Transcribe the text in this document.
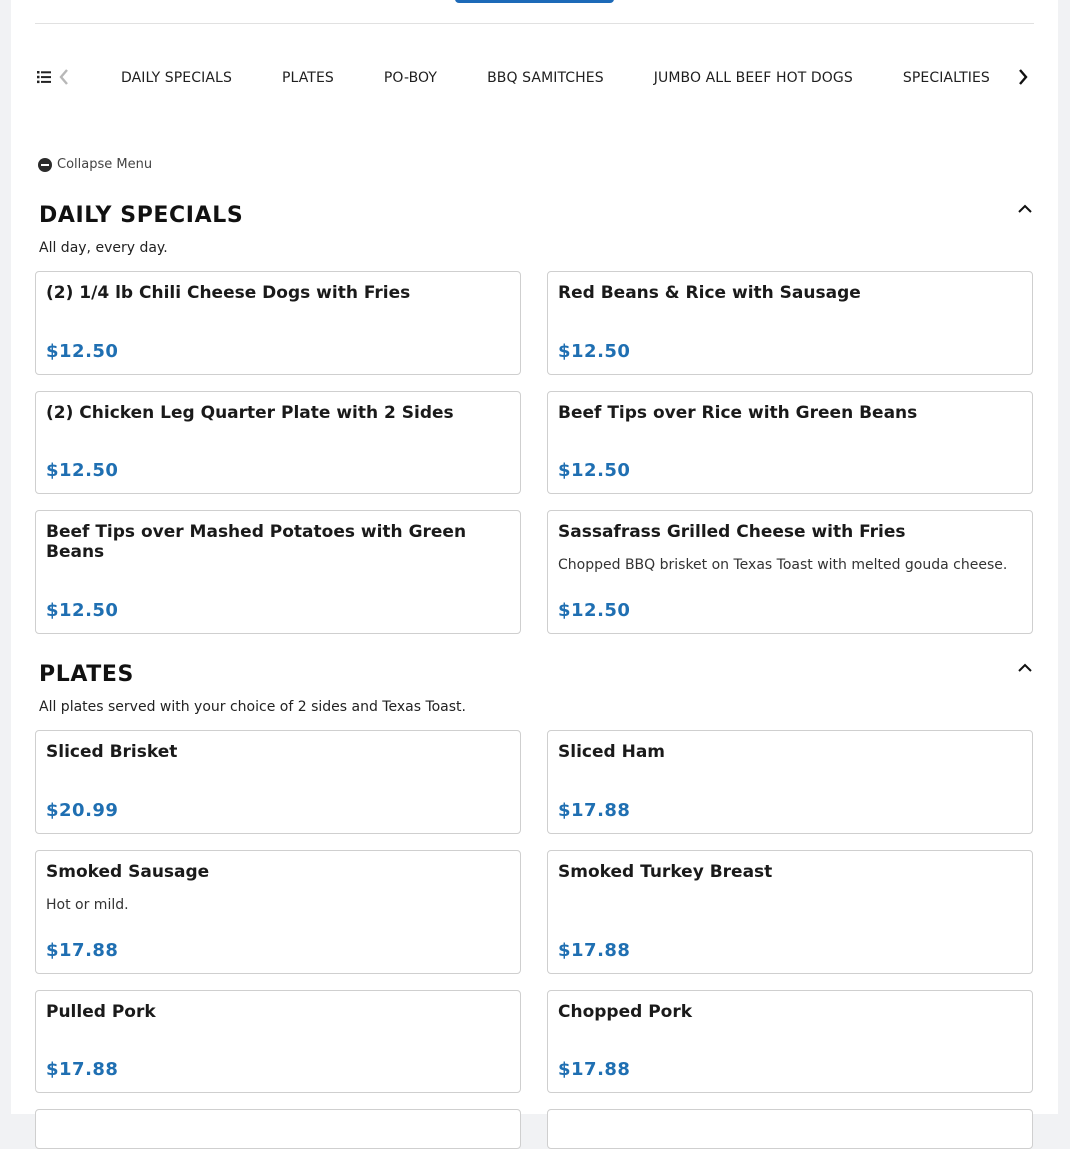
DAILY SPECIALS	PLATES	PO-BOY	BBQ SAMITCHES	JUMBO ALL BEEF HOT DOGS	SPECIALTIES
Collapse Menu
DAILY SPECIALS
All day, every day.
(2) 1/4 lb Chili Cheese Dogs with Fries
$12.50
Red Beans & Rice with Sausage
$12.50
(2) Chicken Leg Quarter Plate with 2 Sides
$12.50
Beef Tips over Rice with Green Beans
$12.50
Beef Tips over Mashed Potatoes with Green Beans
$12.50
Sassafrass Grilled Cheese with Fries
Chopped BBQ brisket on Texas Toast with melted gouda cheese.
$12.50
PLATES
All plates served with your choice of 2 sides and Texas Toast.
Sliced Brisket
$20.99
Sliced Ham
$17.88
Smoked Sausage
Hot or mild.
$17.88
Smoked Turkey Breast
$17.88
Pulled Pork
$17.88
Chopped Pork
$17.88
